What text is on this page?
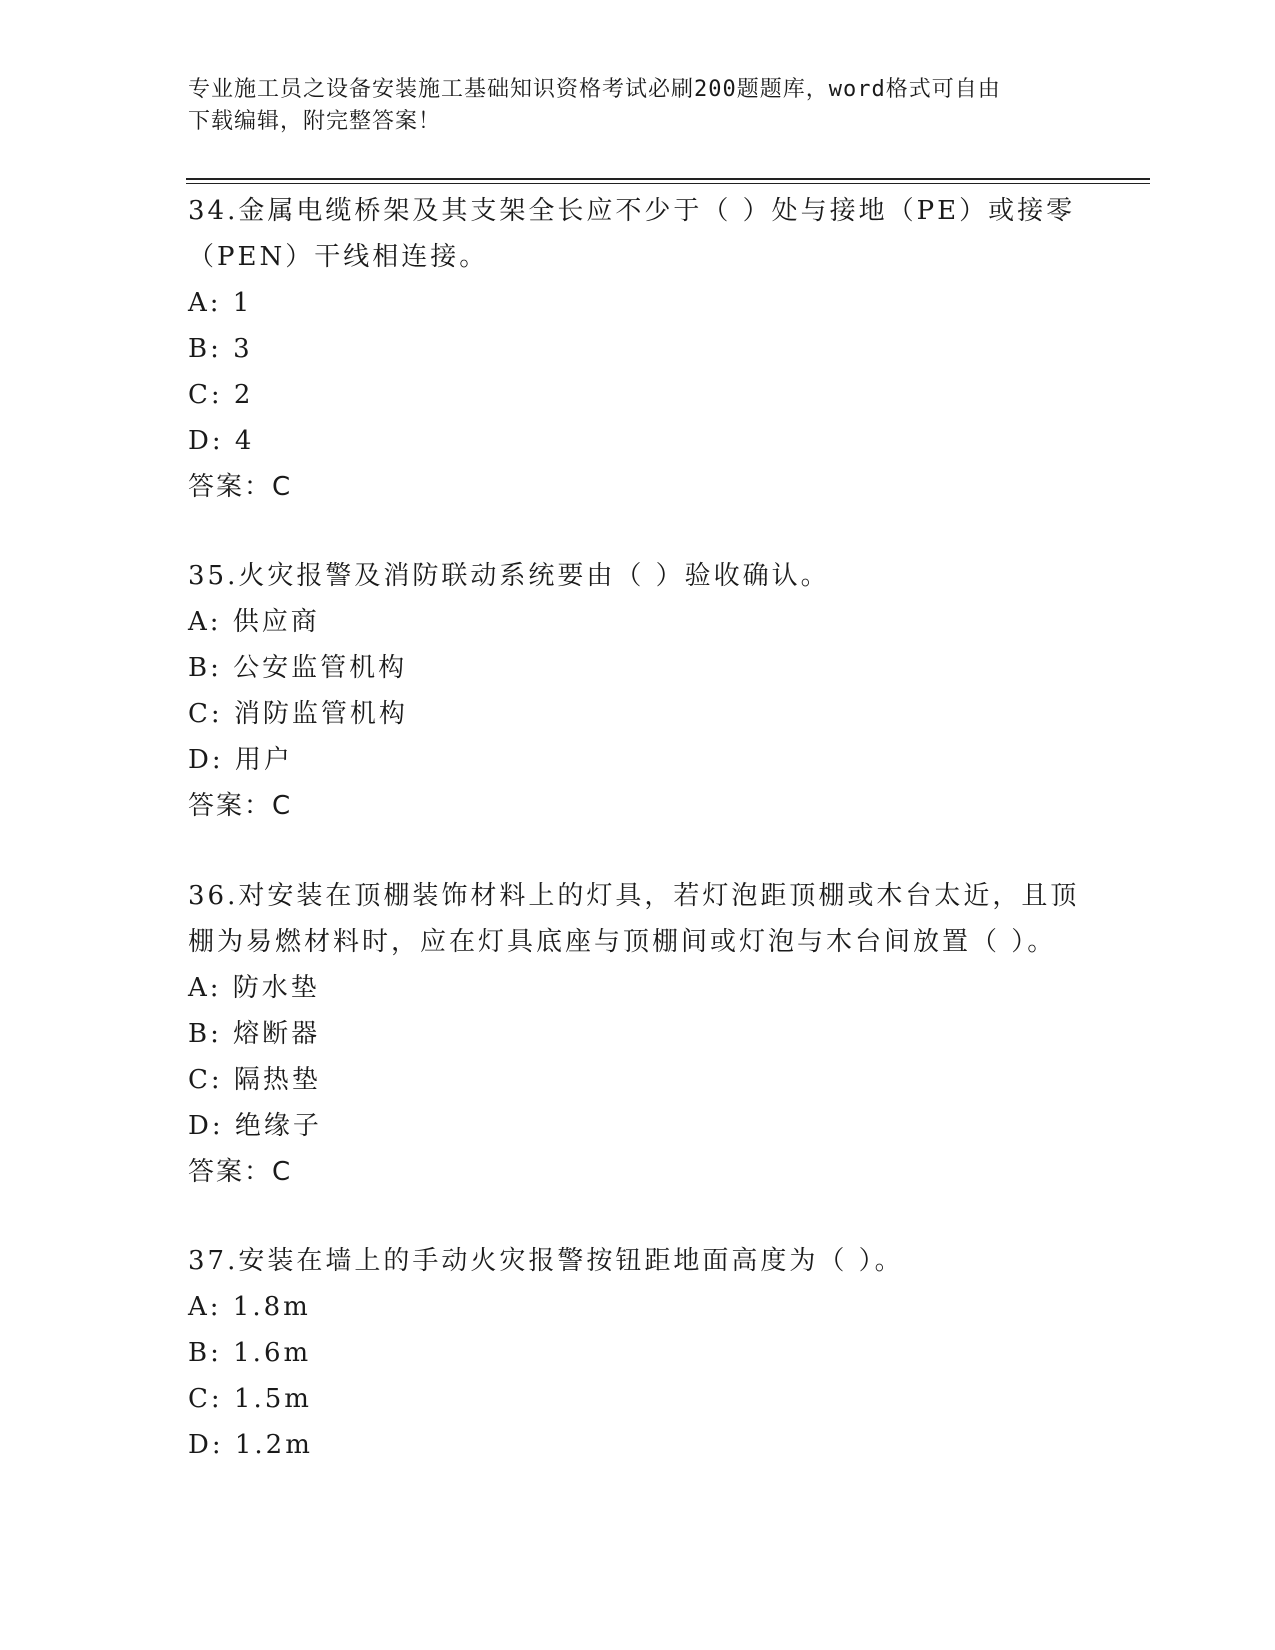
专业施工员之设备安装施工基础知识资格考试必刷200题题库，word格式可自由
下载编辑，附完整答案！

34.金属电缆桥架及其支架全长应不少于（ ）处与接地（PE）或接零

（PEN）干线相连接。

A: 1

B: 3

C: 2

D: 4

答案：C

35.火灾报警及消防联动系统要由（ ）验收确认。

A: 供应商

B: 公安监管机构

C: 消防监管机构

D: 用户

答案：C

36.对安装在顶棚装饰材料上的灯具，若灯泡距顶棚或木台太近，且顶

棚为易燃材料时，应在灯具底座与顶棚间或灯泡与木台间放置（ ）。

A: 防水垫

B: 熔断器

C: 隔热垫

D: 绝缘子

答案：C

37.安装在墙上的手动火灾报警按钮距地面高度为（ ）。

A: 1.8m

B: 1.6m

C: 1.5m

D: 1.2m
